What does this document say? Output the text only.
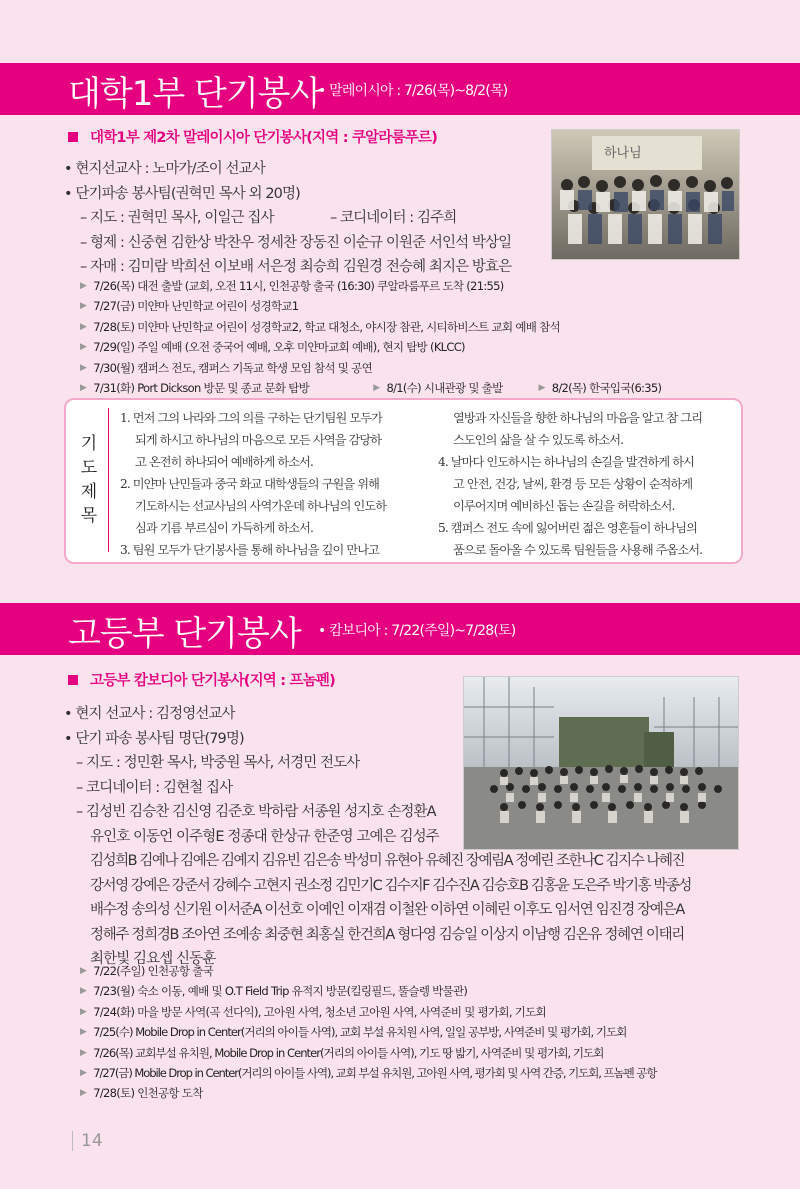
대학1부 단기봉사
• 말레이시아 : 7/26(목)~8/2(목)
대학1부 제2차 말레이시아 단기봉사(지역 : 쿠알라룸푸르)
• 현지선교사 : 노마가/조이 선교사
• 단기파송 봉사팀(권혁민 목사 외 20명)
– 지도 : 권혁민 목사, 이일근 집사
– 형제 : 신중현 김한상 박찬우 정세찬 장동진 이순규 이원준 서인석 박상일
– 자매 : 김미람 박희선 이보배 서은정 최승희 김원경 전승혜 최지은 방효은
– 코디네이터 : 김주희
하나님
▶ 7/26(목) 대전 출발 (교회, 오전 11시, 인천공항 출국 (16:30) 쿠알라룸푸르 도착 (21:55)
▶ 7/27(금) 미얀마 난민학교 어린이 성경학교1
▶ 7/28(토) 미얀마 난민학교 어린이 성경학교2, 학교 대청소, 야시장 참관, 시티하비스트 교회 예배 참석
▶ 7/29(일) 주일 예배 (오전 중국어 예배, 오후 미얀마교회 예배), 현지 탐방 (KLCC)
▶ 7/30(월) 캠퍼스 전도, 캠퍼스 기독교 학생 모임 참석 및 공연
▶ 7/31(화) Port Dickson 방문 및 종교 문화 탐방	▶ 8/1(수) 시내관광 및 출발	▶ 8/2(목) 한국입국(6:35)
기
도
제
목
1. 먼저 그의 나라와 그의 의를 구하는 단기팀원 모두가
되게 하시고 하나님의 마음으로 모든 사역을 감당하
고 온전히 하나되어 예배하게 하소서.
2. 미얀마 난민들과 중국 화교 대학생들의 구원을 위해
기도하시는 선교사님의 사역가운데 하나님의 인도하
심과 기름 부르심이 가득하게 하소서.
3. 팀원 모두가 단기봉사를 통해 하나님을 깊이 만나고
열방과 자신들을 향한 하나님의 마음을 알고 참 그리
스도인의 삶을 살 수 있도록 하소서.
4. 날마다 인도하시는 하나님의 손길을 발견하게 하시
고 안전, 건강, 날씨, 환경 등 모든 상황이 순적하게
이루어지며 예비하신 돕는 손길을 허락하소서.
5. 캠퍼스 전도 속에 잃어버린 젊은 영혼들이 하나님의
품으로 돌아올 수 있도록 팀원들을 사용해 주옵소서.
고등부 단기봉사 • 캄보디아 : 7/22(주일)~7/28(토)
고등부 캄보디아 단기봉사(지역 : 프놈펜)
• 현지 선교사 : 김정영선교사
• 단기 파송 봉사팀 명단(79명)
– 지도 : 정민환 목사, 박중원 목사, 서경민 전도사
– 코디네이터 : 김현철 집사
– 김성빈 김승찬 김신영 김준호 박하람 서종원 성지호 손정환A
유인호 이동언 이주형E 정종대 한상규 한준영 고예은 김성주
김성희B 김예나 김예은 김예지 김유빈 김은송 박성미 유현아 유혜진 장예림A 정예린 조한나C 김지수 나혜진
강서영 강예은 강준서 강혜수 고현지 권소정 김민기C 김수지F 김수진A 김승호B 김홍윤 도은주 박기홍 박종성
배수정 송의성 신기원 이서준A 이선호 이예인 이재겸 이철완 이하연 이혜린 이후도 임서연 임진경 장예은A
정해주 정희경B 조아연 조예송 최중현 최홍실 한건희A 형다영 김승일 이상지 이남행 김온유 정혜연 이태리
최한빛 김요셉 신동훈
▶ 7/22(주일) 인천공항 출국
▶ 7/23(월) 숙소 이동, 예배 및 O.T Field Trip 유적지 방문(킬링필드, 뚤슬렝 박물관)
▶ 7/24(화) 마을 방문 사역(곡 선다익), 고아원 사역, 청소년 고아원 사역, 사역준비 및 평가회, 기도회
▶ 7/25(수) Mobile Drop in Center(거리의 아이들 사역), 교회 부설 유치원 사역, 일일 공부방, 사역준비 및 평가회, 기도회
▶ 7/26(목) 교회부설 유치원, Mobile Drop in Center(거리의 아이들 사역), 기도 땅 밟기, 사역준비 및 평가회, 기도회
▶ 7/27(금) Mobile Drop in Center(거리의 아이들 사역), 교회 부설 유치원, 고아원 사역, 평가회 및 사역 간증, 기도회, 프놈펜 공항
▶ 7/28(토) 인천공항 도착
14
